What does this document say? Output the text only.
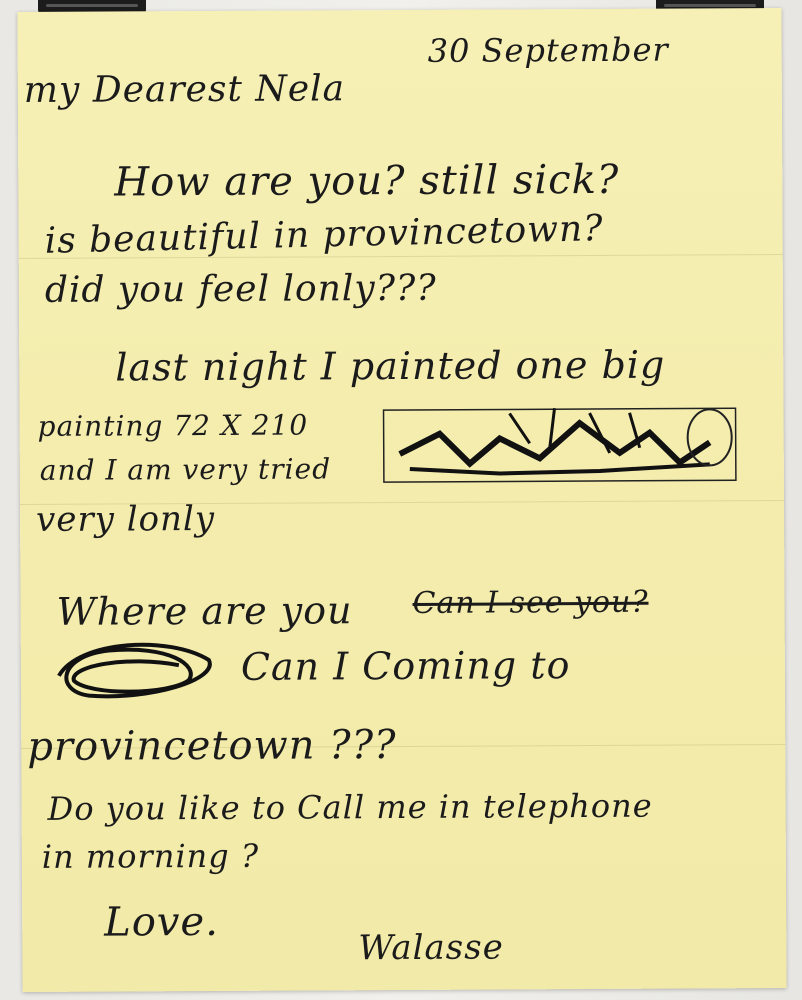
30 September
my Dearest Nela
How are you? still sick?
is beautiful in provincetown?
did you feel lonly???
last night I painted one big
painting 72 X 210
and I am very tried
very lonly
Where are you Can I see you?
Can I Coming to
provincetown ???
Do you like to Call me in telephone
in morning ?
Love.
Walasse
